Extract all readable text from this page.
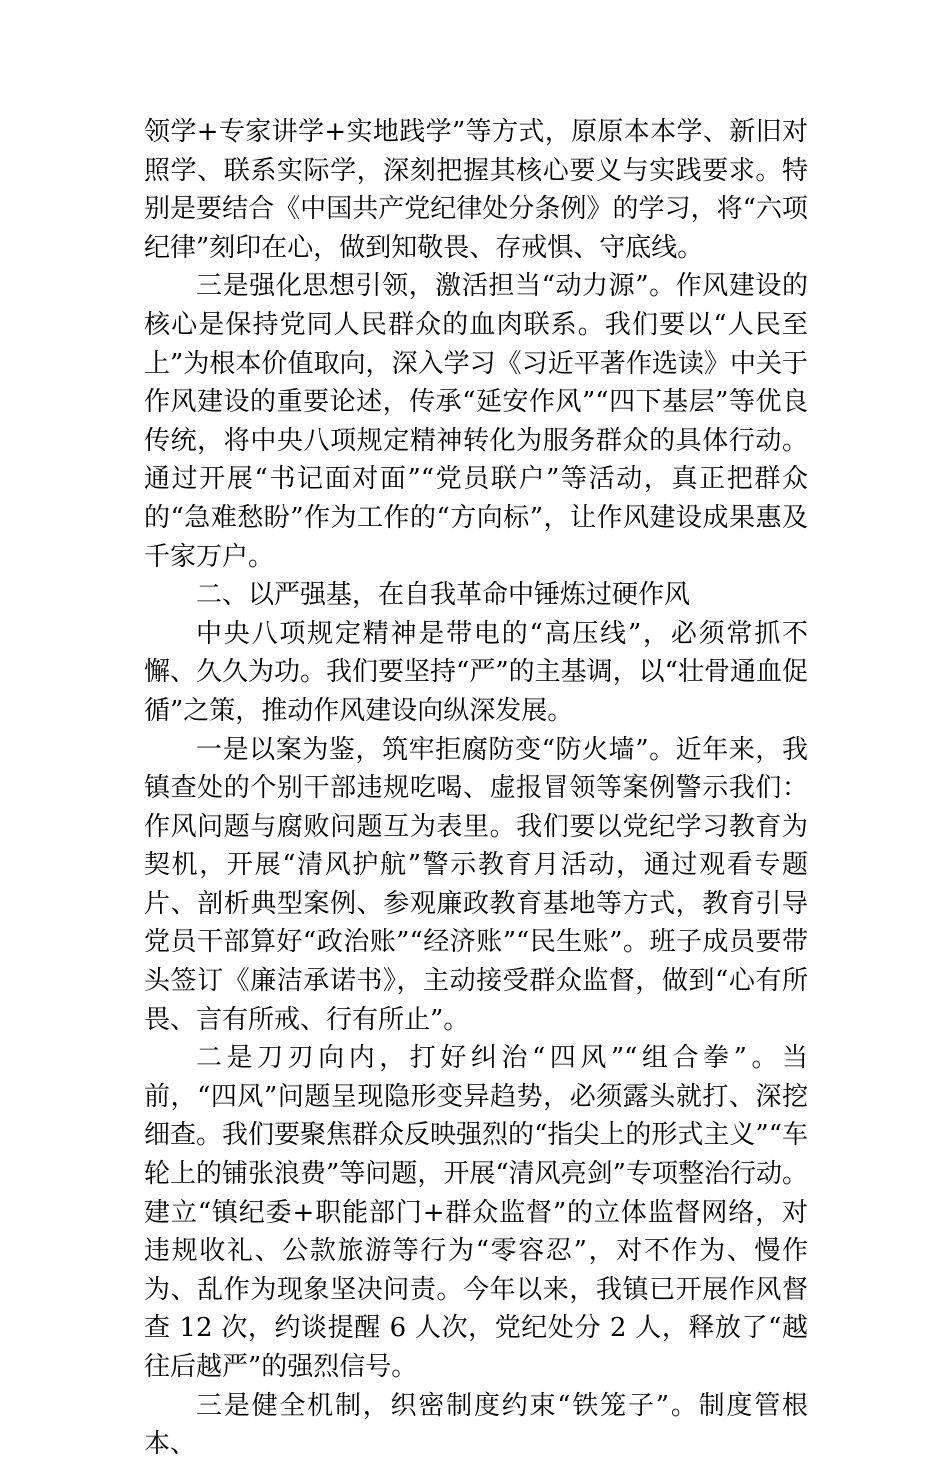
领学+专家讲学+实地践学”等方式，原原本本学、新旧对照学、联系实际学，深刻把握其核心要义与实践要求。特别是要结合《中国共产党纪律处分条例》的学习，将“六项纪律”刻印在心，做到知敬畏、存戒惧、守底线。

三是强化思想引领，激活担当“动力源”。作风建设的核心是保持党同人民群众的血肉联系。我们要以“人民至上”为根本价值取向，深入学习《习近平著作选读》中关于作风建设的重要论述，传承“延安作风”“四下基层”等优良传统，将中央八项规定精神转化为服务群众的具体行动。通过开展“书记面对面”“党员联户”等活动，真正把群众的“急难愁盼”作为工作的“方向标”，让作风建设成果惠及千家万户。

二、以严强基，在自我革命中锤炼过硬作风

中央八项规定精神是带电的“高压线”，必须常抓不懈、久久为功。我们要坚持“严”的主基调，以“壮骨通血促循”之策，推动作风建设向纵深发展。

一是以案为鉴，筑牢拒腐防变“防火墙”。近年来，我镇查处的个别干部违规吃喝、虚报冒领等案例警示我们：作风问题与腐败问题互为表里。我们要以党纪学习教育为契机，开展“清风护航”警示教育月活动，通过观看专题片、剖析典型案例、参观廉政教育基地等方式，教育引导党员干部算好“政治账”“经济账”“民生账”。班子成员要带头签订《廉洁承诺书》，主动接受群众监督，做到“心有所畏、言有所戒、行有所止”。

二是刀刃向内，打好纠治“四风”“组合拳”。当前，“四风”问题呈现隐形变异趋势，必须露头就打、深挖细查。我们要聚焦群众反映强烈的“指尖上的形式主义”“车轮上的铺张浪费”等问题，开展“清风亮剑”专项整治行动。建立“镇纪委+职能部门+群众监督”的立体监督网络，对违规收礼、公款旅游等行为“零容忍”，对不作为、慢作为、乱作为现象坚决问责。今年以来，我镇已开展作风督查 12 次，约谈提醒 6 人次，党纪处分 2 人，释放了“越往后越严”的强烈信号。

三是健全机制，织密制度约束“铁笼子”。制度管根本、
